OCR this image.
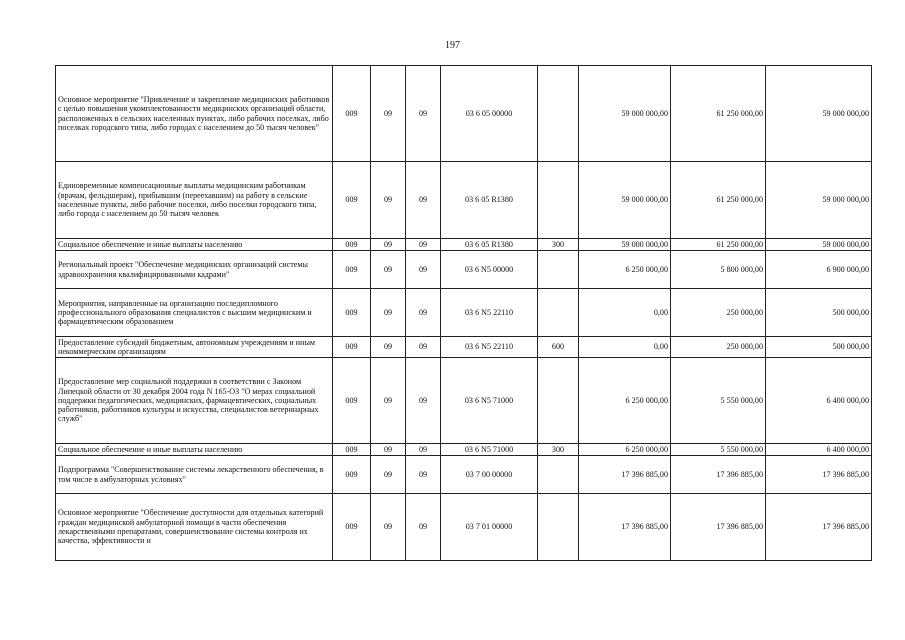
197
Основное мероприятие "Привлечение и закрепление медицинских работников с целью повышения укомплектованности медицинских организаций области, расположенных в сельских населенных пунктах, либо рабочих поселках, либо поселках городского типа, либо городах с населением до 50 тысяч человек"	009	09	09	03 6 05 00000		59 000 000,00	61 250 000,00	59 000 000,00
Единовременные компенсационные выплаты медицинским работникам (врачам, фельдшерам), прибывшим (переехавшим) на работу в сельские населенные пункты, либо рабочие поселки, либо поселки городского типа, либо города с населением до 50 тысяч человек	009	09	09	03 6 05 R1380		59 000 000,00	61 250 000,00	59 000 000,00
Социальное обеспечение и иные выплаты населению	009	09	09	03 6 05 R1380	300	59 000 000,00	61 250 000,00	59 000 000,00
Региональный проект "Обеспечение медицинских организаций системы здравоохранения квалифицированными кадрами"	009	09	09	03 6 N5 00000		6 250 000,00	5 800 000,00	6 900 000,00
Мероприятия, направленные на организацию последипломного профессионального образования специалистов с высшим медицинским и фармацевтическим образованием	009	09	09	03 6 N5 22110		0,00	250 000,00	500 000,00
Предоставление субсидий бюджетным, автономным учреждениям и иным некоммерческим организациям	009	09	09	03 6 N5 22110	600	0,00	250 000,00	500 000,00
Предоставление мер социальной поддержки в соответствии с Законом Липецкой области от 30 декабря 2004 года N 165-ОЗ "О мерах социальной поддержки педагогических, медицинских, фармацевтических, социальных работников, работников культуры и искусства, специалистов ветеринарных служб"	009	09	09	03 6 N5 71000		6 250 000,00	5 550 000,00	6 400 000,00
Социальное обеспечение и иные выплаты населению	009	09	09	03 6 N5 71000	300	6 250 000,00	5 550 000,00	6 400 000,00
Подпрограмма "Совершенствование системы лекарственного обеспечения, в том числе в амбулаторных условиях"	009	09	09	03 7 00 00000		17 396 885,00	17 396 885,00	17 396 885,00
Основное мероприятие "Обеспечение доступности для отдельных категорий граждан медицинской амбулаторной помощи в части обеспечения лекарственными препаратами, совершенствование системы контроля их качества, эффективности и	009	09	09	03 7 01 00000		17 396 885,00	17 396 885,00	17 396 885,00
